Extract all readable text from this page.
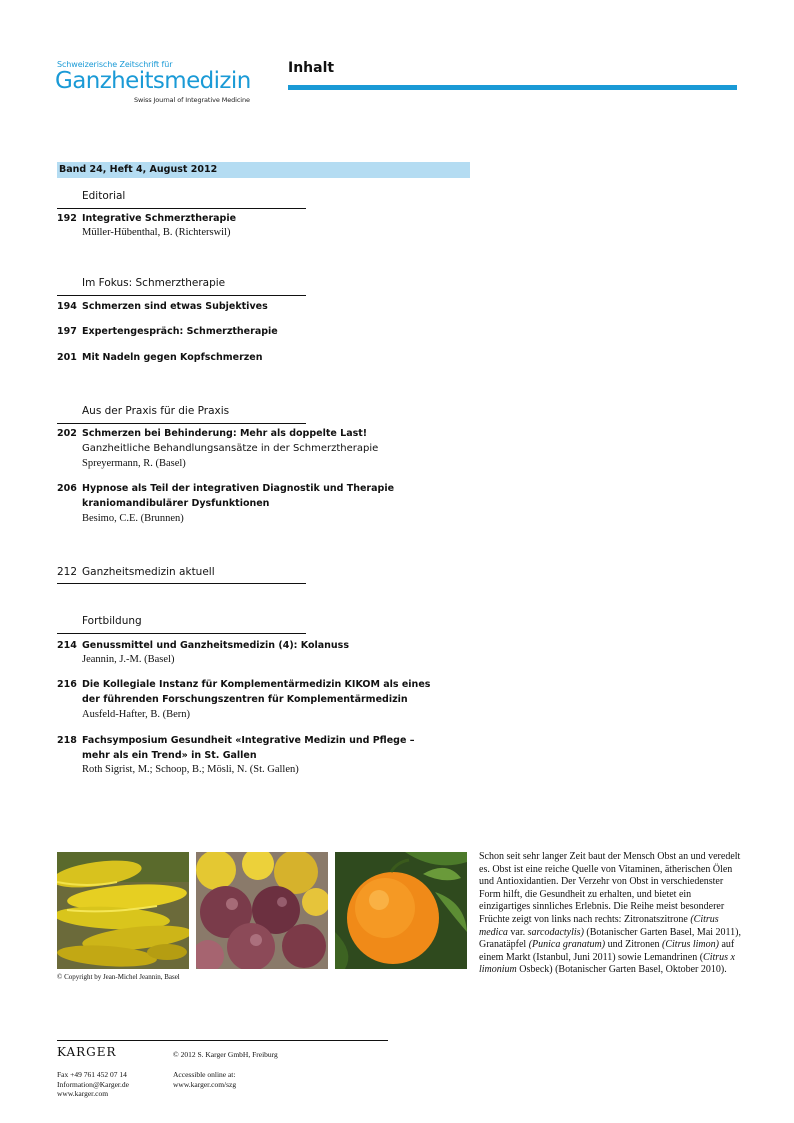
Schweizerische Zeitschrift für
Ganzheitsmedizin
Swiss Journal of Integrative Medicine
Inhalt
Band 24, Heft 4, August 2012
Editorial
192 Integrative Schmerztherapie
Müller-Hübenthal, B. (Richterswil)
Im Fokus: Schmerztherapie
194 Schmerzen sind etwas Subjektives
197 Expertengespräch: Schmerztherapie
201 Mit Nadeln gegen Kopfschmerzen
Aus der Praxis für die Praxis
202 Schmerzen bei Behinderung: Mehr als doppelte Last!
Ganzheitliche Behandlungsansätze in der Schmerztherapie
Spreyermann, R. (Basel)
206 Hypnose als Teil der integrativen Diagnostik und Therapie
kraniomandibulärer Dysfunktionen
Besimo, C.E. (Brunnen)
212 Ganzheitsmedizin aktuell
Fortbildung
214 Genussmittel und Ganzheitsmedizin (4): Kolanuss
Jeannin, J.-M. (Basel)
216 Die Kollegiale Instanz für Komplementärmedizin KIKOM als eines
der führenden Forschungszentren für Komplementärmedizin
Ausfeld-Hafter, B. (Bern)
218 Fachsymposium Gesundheit «Integrative Medizin und Pflege –
mehr als ein Trend» in St. Gallen
Roth Sigrist, M.; Schoop, B.; Mösli, N. (St. Gallen)
© Copyright by Jean-Michel Jeannin, Basel
Schon seit sehr langer Zeit baut der Mensch Obst an und veredelt es. Obst ist eine reiche Quelle von Vitaminen, ätherischen Ölen und Antioxidantien. Der Verzehr von Obst in verschiedenster Form hilft, die Gesundheit zu erhalten, und bietet ein einzigartiges sinnliches Erlebnis. Die Reihe meist besonderer Früchte zeigt von links nach rechts: Zitronatszitrone (Citrus medica var. sarcodactylis) (Botanischer Garten Basel, Mai 2011), Granatäpfel (Punica granatum) und Zitronen (Citrus limon) auf einem Markt (Istanbul, Juni 2011) sowie Lemandrinen (Citrus x limonium Osbeck) (Botanischer Garten Basel, Oktober 2010).
KARGER
Fax +49 761 452 07 14
Information@Karger.de
www.karger.com
© 2012 S. Karger GmbH, Freiburg
Accessible online at:
www.karger.com/szg
